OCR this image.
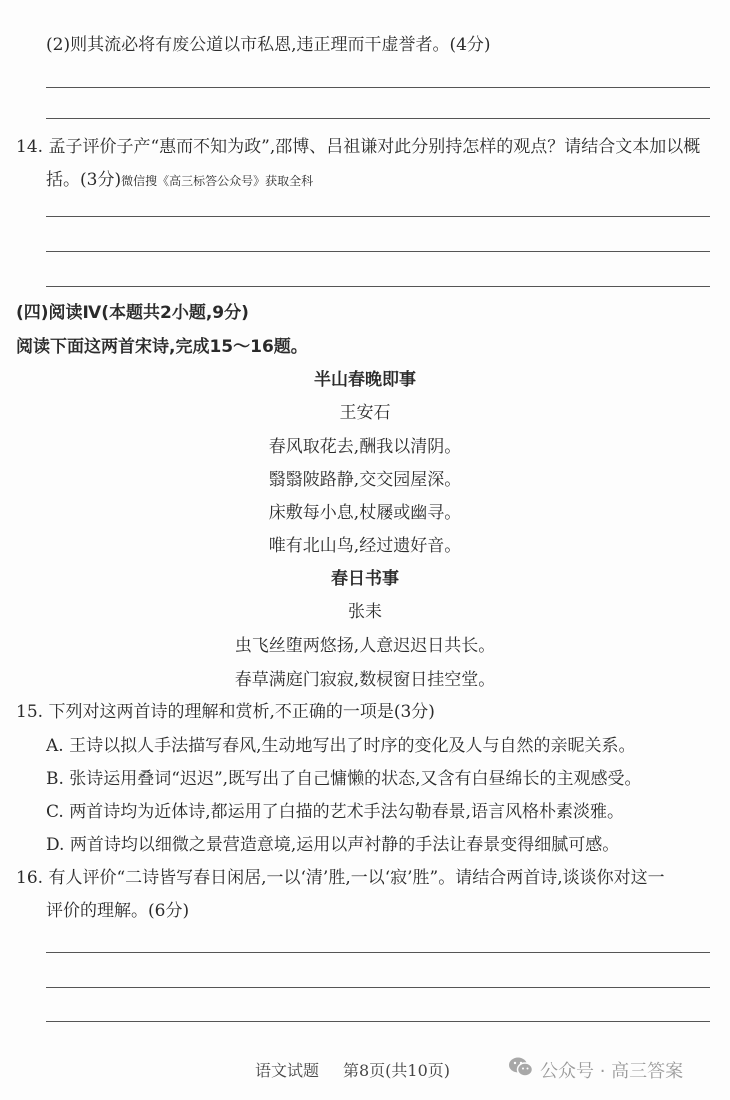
(2)则其流必将有废公道以市私恩,违正理而干虚誉者。(4分)
14. 孟子评价子产“惠而不知为政”,邵博、吕祖谦对此分别持怎样的观点？请结合文本加以概
括。(3分)微信搜《高三标答公众号》获取全科
(四)阅读Ⅳ(本题共2小题,9分)
阅读下面这两首宋诗,完成15～16题。
半山春晚即事
王安石
春风取花去,酬我以清阴。
翳翳陂路静,交交园屋深。
床敷每小息,杖屦或幽寻。
唯有北山鸟,经过遗好音。
春日书事
张耒
虫飞丝堕两悠扬,人意迟迟日共长。
春草满庭门寂寂,数棂窗日挂空堂。
15. 下列对这两首诗的理解和赏析,不正确的一项是(3分)
A. 王诗以拟人手法描写春风,生动地写出了时序的变化及人与自然的亲昵关系。
B. 张诗运用叠词“迟迟”,既写出了自己慵懒的状态,又含有白昼绵长的主观感受。
C. 两首诗均为近体诗,都运用了白描的艺术手法勾勒春景,语言风格朴素淡雅。
D. 两首诗均以细微之景营造意境,运用以声衬静的手法让春景变得细腻可感。
16. 有人评价“二诗皆写春日闲居,一以‘清’胜,一以‘寂’胜”。请结合两首诗,谈谈你对这一
评价的理解。(6分)
语文试题 第8页(共10页)	公众号 · 高三答案
